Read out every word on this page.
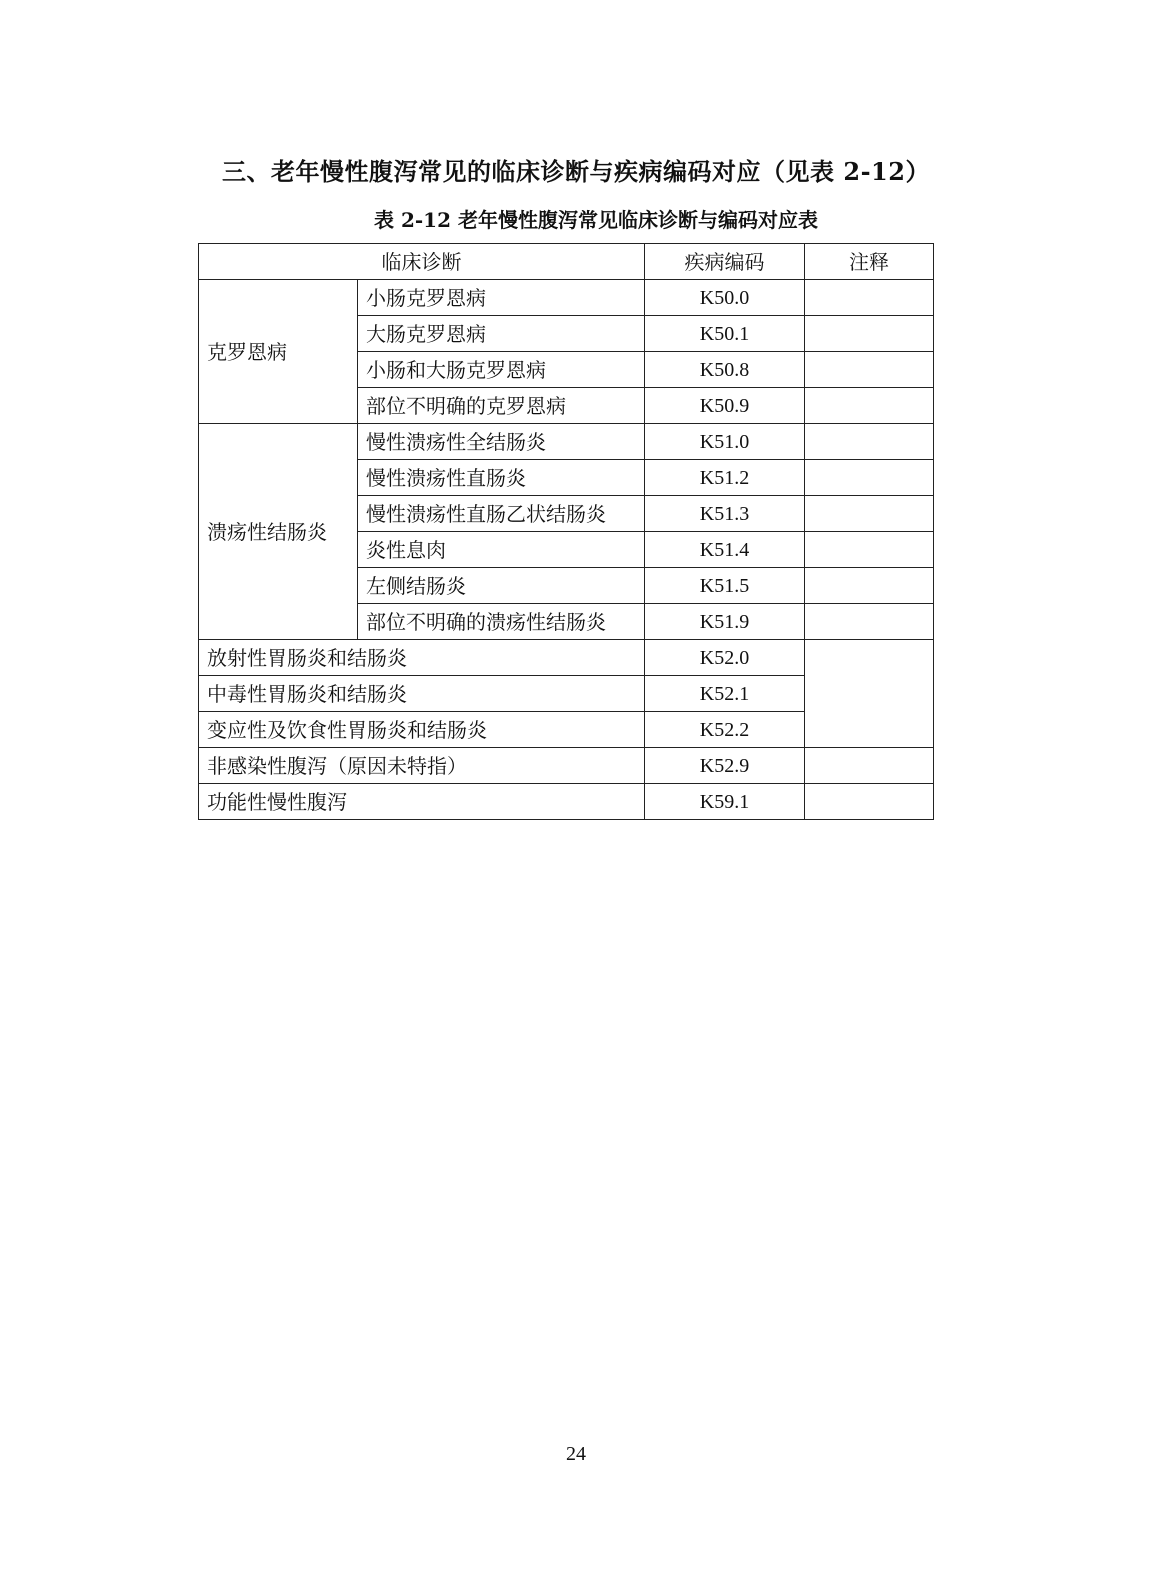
三、老年慢性腹泻常见的临床诊断与疾病编码对应（见表 2-12）
表 2-12 老年慢性腹泻常见临床诊断与编码对应表
临床诊断		疾病编码	注释
克罗恩病	小肠克罗恩病	K50.0	
	大肠克罗恩病	K50.1	
	小肠和大肠克罗恩病	K50.8	
	部位不明确的克罗恩病	K50.9	
溃疡性结肠炎	慢性溃疡性全结肠炎	K51.0	
	慢性溃疡性直肠炎	K51.2	
	慢性溃疡性直肠乙状结肠炎	K51.3	
	炎性息肉	K51.4	
	左侧结肠炎	K51.5	
	部位不明确的溃疡性结肠炎	K51.9	
放射性胃肠炎和结肠炎		K52.0	
中毒性胃肠炎和结肠炎		K52.1	
变应性及饮食性胃肠炎和结肠炎		K52.2	
非感染性腹泻（原因未特指）		K52.9	
功能性慢性腹泻		K59.1	
24
